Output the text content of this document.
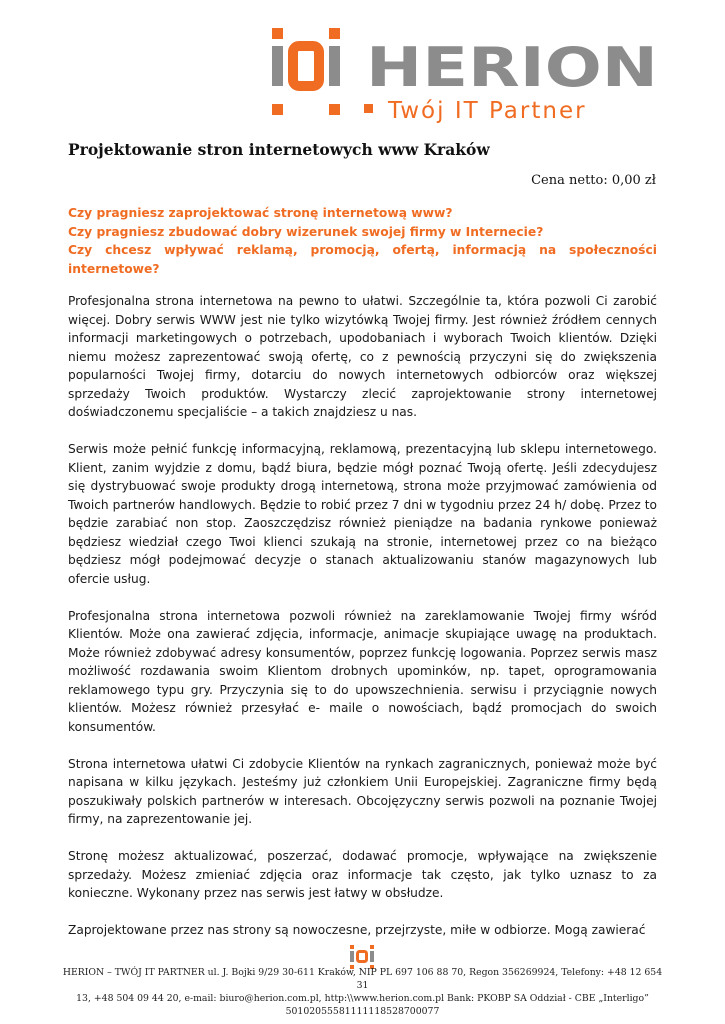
HERION
Twój IT Partner
Projektowanie stron internetowych www Kraków
Cena netto: 0,00 zł
Czy pragniesz zaprojektować stronę internetową www?
Czy pragniesz zbudować dobry wizerunek swojej firmy w Internecie?
Czy chcesz wpływać reklamą, promocją, ofertą, informacją na społeczności internetowe?

Profesjonalna strona internetowa na pewno to ułatwi. Szczególnie ta, która pozwoli Ci zarobić więcej. Dobry serwis WWW jest nie tylko wizytówką Twojej firmy. Jest również źródłem cennych informacji marketingowych o potrzebach, upodobaniach i wyborach Twoich klientów. Dzięki niemu możesz zaprezentować swoją ofertę, co z pewnością przyczyni się do zwiększenia popularności Twojej firmy, dotarciu do nowych internetowych odbiorców oraz większej sprzedaży Twoich produktów. Wystarczy zlecić zaprojektowanie strony internetowej doświadczonemu specjaliście – a takich znajdziesz u nas.

Serwis może pełnić funkcję informacyjną, reklamową, prezentacyjną lub sklepu internetowego. Klient, zanim wyjdzie z domu, bądź biura, będzie mógł poznać Twoją ofertę. Jeśli zdecydujesz się dystrybuować swoje produkty drogą internetową, strona może przyjmować zamówienia od Twoich partnerów handlowych. Będzie to robić przez 7 dni w tygodniu przez 24 h/ dobę. Przez to będzie zarabiać non stop. Zaoszczędzisz również pieniądze na badania rynkowe ponieważ będziesz wiedział czego Twoi klienci szukają na stronie, internetowej przez co na bieżąco będziesz mógł podejmować decyzje o stanach aktualizowaniu stanów magazynowych lub ofercie usług.

Profesjonalna strona internetowa pozwoli również na zareklamowanie Twojej firmy wśród Klientów. Może ona zawierać zdjęcia, informacje, animacje skupiające uwagę na produktach. Może również zdobywać adresy konsumentów, poprzez funkcję logowania. Poprzez serwis masz możliwość rozdawania swoim Klientom drobnych upominków, np. tapet, oprogramowania reklamowego typu gry. Przyczynia się to do upowszechnienia. serwisu i przyciągnie nowych klientów. Możesz również przesyłać e- maile o nowościach, bądź promocjach do swoich konsumentów.

Strona internetowa ułatwi Ci zdobycie Klientów na rynkach zagranicznych, ponieważ może być napisana w kilku językach. Jesteśmy już członkiem Unii Europejskiej. Zagraniczne firmy będą poszukiwały polskich partnerów w interesach. Obcojęzyczny serwis pozwoli na poznanie Twojej firmy, na zaprezentowanie jej.

Stronę możesz aktualizować, poszerzać, dodawać promocje, wpływające na zwiększenie sprzedaży. Możesz zmieniać zdjęcia oraz informacje tak często, jak tylko uznasz to za konieczne. Wykonany przez nas serwis jest łatwy w obsłudze.

Zaprojektowane przez nas strony są nowoczesne, przejrzyste, miłe w odbiorze. Mogą zawierać

HERION – TWÓJ IT PARTNER ul. J. Bojki 9/29 30-611 Kraków, NIP PL 697 106 88 70, Regon 356269924, Telefony: +48 12 654 31
13, +48 504 09 44 20, e-mail: biuro@herion.com.pl, http:\\www.herion.com.pl Bank: PKOBP SA Oddział - CBE „Interligo”
50102055581111118528700077
